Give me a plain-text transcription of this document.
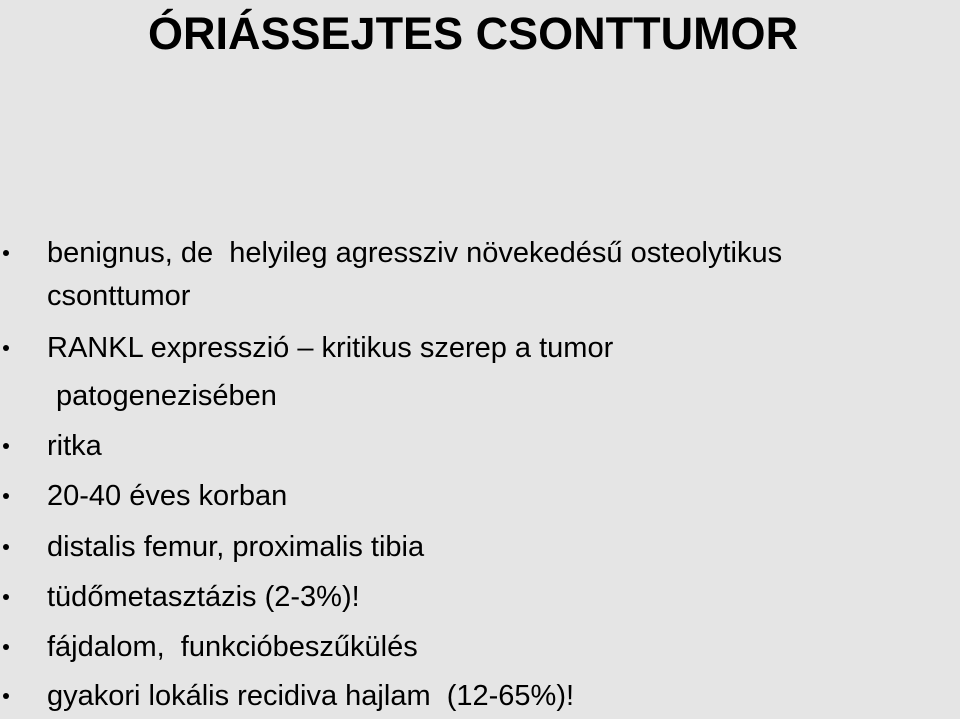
ÓRIÁSSEJTES CSONTTUMOR
benignus, de  helyileg agressziv növekedésű osteolytikus
csonttumor
RANKL expresszió – kritikus szerep a tumor
patogenezisében
ritka
20-40 éves korban
distalis femur, proximalis tibia
tüdőmetasztázis (2-3%)!
fájdalom,  funkcióbeszűkülés
gyakori lokális recidiva hajlam  (12-65%)!
